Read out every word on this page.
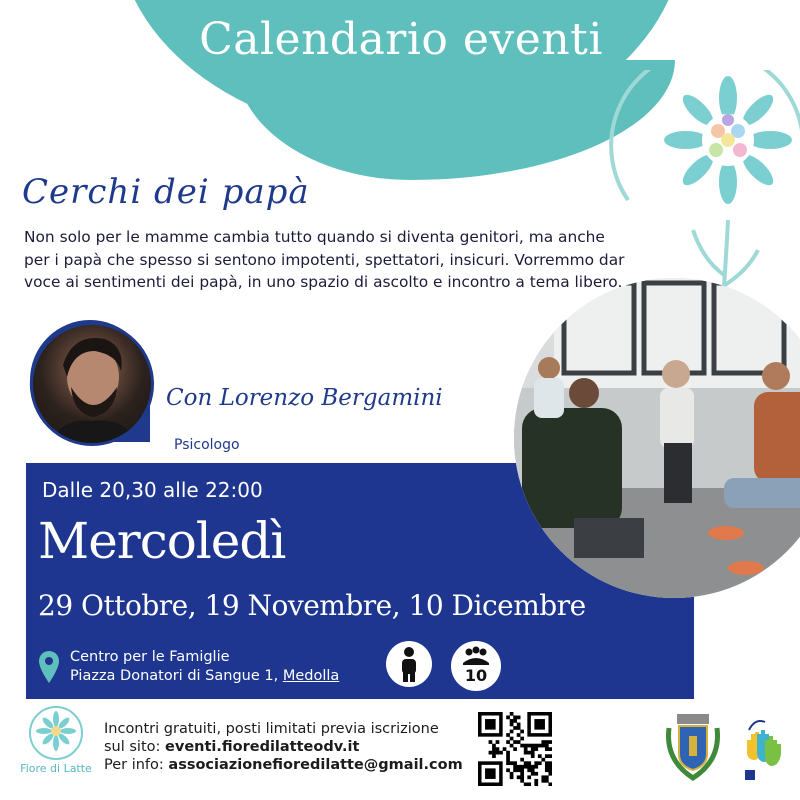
Calendario eventi
Cerchi dei papà
Non solo per le mamme cambia tutto quando si diventa genitori, ma anche per i papà che spesso si sentono impotenti, spettatori, insicuri. Vorremmo dar voce ai sentimenti dei papà, in uno spazio di ascolto e incontro a tema libero.
Con Lorenzo Bergamini
Psicologo
Dalle 20,30 alle 22:00
Mercoledì
29 Ottobre, 19 Novembre, 10 Dicembre
Centro per le Famiglie
Piazza Donatori di Sangue 1, Medolla	10
Fiore di Latte
Incontri gratuiti, posti limitati previa iscrizione
sul sito: eventi.fioredilatteodv.it
Per info: associazionefioredilatte@gmail.com
